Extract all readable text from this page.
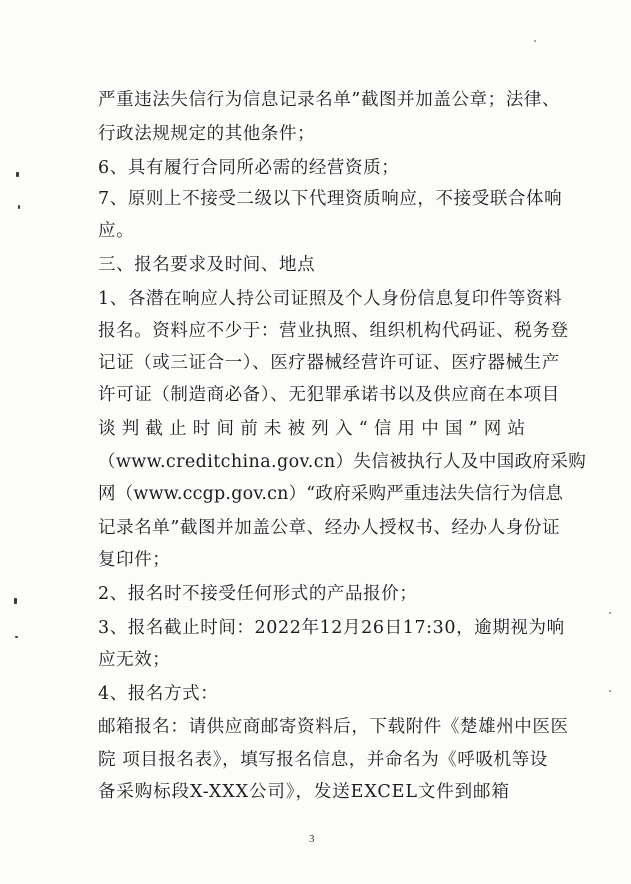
严重违法失信行为信息记录名单”截图并加盖公章；法律、
行政法规规定的其他条件；
6、具有履行合同所必需的经营资质；
7、原则上不接受二级以下代理资质响应，不接受联合体响
应。
三、报名要求及时间、地点
1、各潜在响应人持公司证照及个人身份信息复印件等资料
报名。资料应不少于：营业执照、组织机构代码证、税务登
记证（或三证合一）、医疗器械经营许可证、医疗器械生产
许可证（制造商必备）、无犯罪承诺书以及供应商在本项目
谈判截止时间前未被列入“信用中国”网站
（www.creditchina.gov.cn）失信被执行人及中国政府采购
网（www.ccgp.gov.cn）“政府采购严重违法失信行为信息
记录名单”截图并加盖公章、经办人授权书、经办人身份证
复印件；
2、报名时不接受任何形式的产品报价；
3、报名截止时间：2022年12月26日17:30，逾期视为响
应无效；
4、报名方式：
邮箱报名：请供应商邮寄资料后，下载附件《楚雄州中医医
院 项目报名表》，填写报名信息，并命名为《呼吸机等设
备采购标段X-XXX公司》，发送EXCEL文件到邮箱
3
